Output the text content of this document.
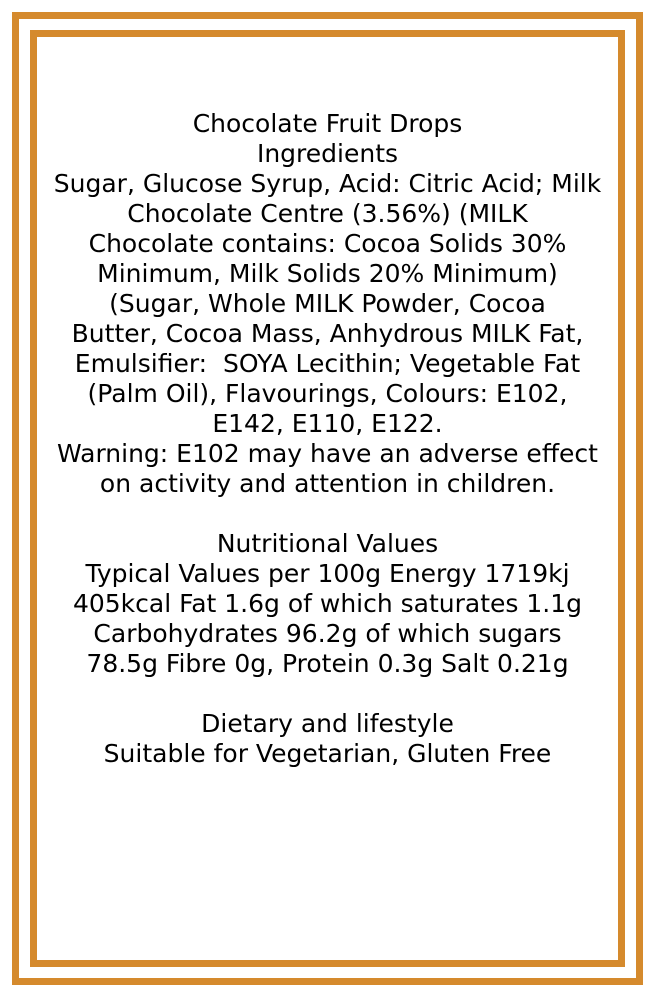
Chocolate Fruit Drops
Ingredients

Sugar, Glucose Syrup, Acid: Citric Acid; Milk
Chocolate Centre (3.56%) (MILK
Chocolate contains: Cocoa Solids 30%
Minimum, Milk Solids 20% Minimum)
(Sugar, Whole MILK Powder, Cocoa
Butter, Cocoa Mass, Anhydrous MILK Fat,
Emulsifier:  SOYA Lecithin; Vegetable Fat
(Palm Oil), Flavourings, Colours: E102,
E142, E110, E122.

Warning: E102 may have an adverse effect
on activity and attention in children.

Nutritional Values

Typical Values per 100g Energy 1719kj
405kcal Fat 1.6g of which saturates 1.1g
Carbohydrates 96.2g of which sugars
78.5g Fibre 0g, Protein 0.3g Salt 0.21g

Dietary and lifestyle

Suitable for Vegetarian, Gluten Free
